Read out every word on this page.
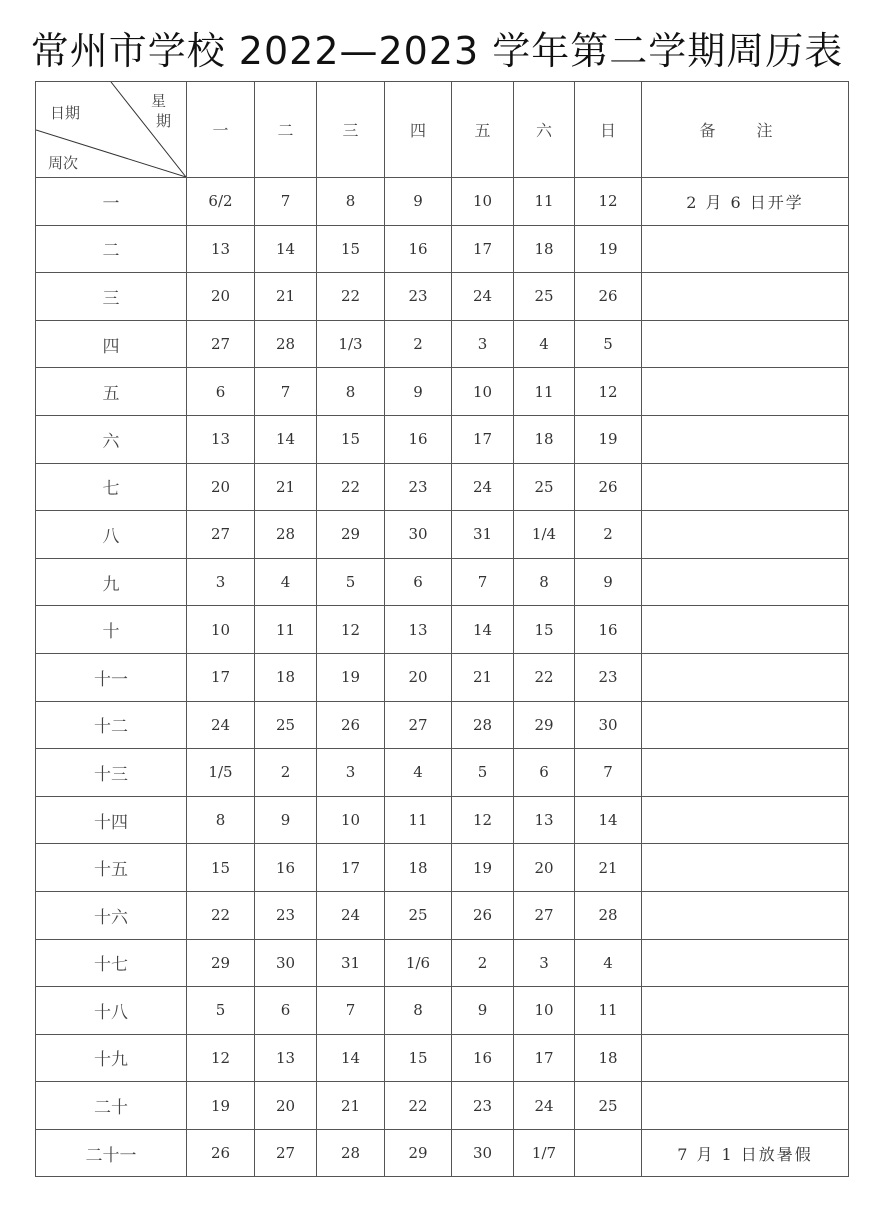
常州市学校 2022—2023 学年第二学期周历表
日期
星
期
周次	一	二	三	四	五	六	日	备 注
一	6/2	7	8	9	10	11	12	2 月 6 日开学
二	13	14	15	16	17	18	19	
三	20	21	22	23	24	25	26	
四	27	28	1/3	2	3	4	5	
五	6	7	8	9	10	11	12	
六	13	14	15	16	17	18	19	
七	20	21	22	23	24	25	26	
八	27	28	29	30	31	1/4	2	
九	3	4	5	6	7	8	9	
十	10	11	12	13	14	15	16	
十一	17	18	19	20	21	22	23	
十二	24	25	26	27	28	29	30	
十三	1/5	2	3	4	5	6	7	
十四	8	9	10	11	12	13	14	
十五	15	16	17	18	19	20	21	
十六	22	23	24	25	26	27	28	
十七	29	30	31	1/6	2	3	4	
十八	5	6	7	8	9	10	11	
十九	12	13	14	15	16	17	18	
二十	19	20	21	22	23	24	25	
二十一	26	27	28	29	30	1/7		7 月 1 日放暑假
